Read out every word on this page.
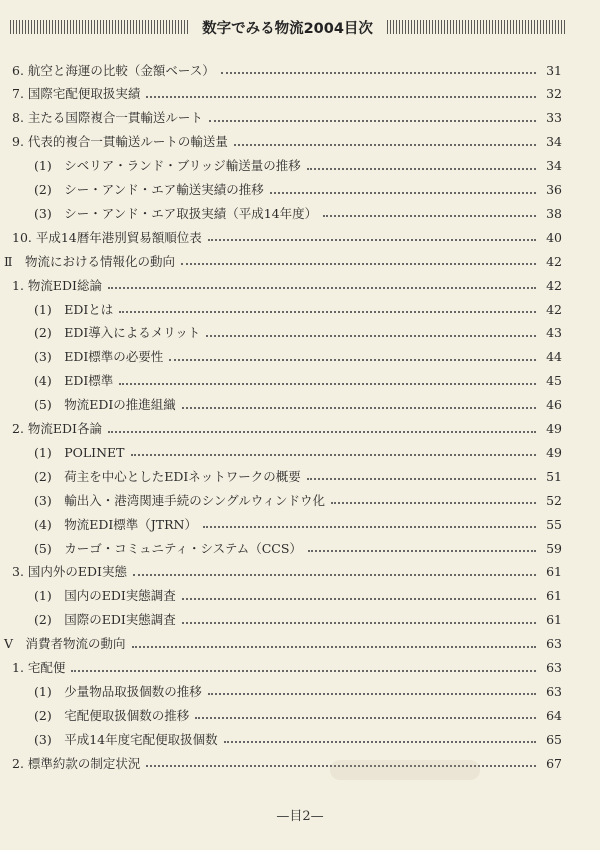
数字でみる物流2004目次
6. 航空と海運の比較（金額ベース）	31
7. 国際宅配便取扱実績	32
8. 主たる国際複合一貫輸送ルート	33
9. 代表的複合一貫輸送ルートの輸送量	34
(1)　シベリア・ランド・ブリッジ輸送量の推移	34
(2)　シー・アンド・エア輸送実績の推移	36
(3)　シー・アンド・エア取扱実績（平成14年度）	38
10. 平成14暦年港別貿易額順位表	40
Ⅱ　物流における情報化の動向	42
1. 物流EDI総論	42
(1)　EDIとは	42
(2)　EDI導入によるメリット	43
(3)　EDI標準の必要性	44
(4)　EDI標準	45
(5)　物流EDIの推進組織	46
2. 物流EDI各論	49
(1)　POLINET	49
(2)　荷主を中心としたEDIネットワークの概要	51
(3)　輸出入・港湾関連手続のシングルウィンドウ化	52
(4)　物流EDI標準（JTRN）	55
(5)　カーゴ・コミュニティ・システム（CCS）	59
3. 国内外のEDI実態	61
(1)　国内のEDI実態調査	61
(2)　国際のEDI実態調査	61
Ⅴ　消費者物流の動向	63
1. 宅配便	63
(1)　少量物品取扱個数の推移	63
(2)　宅配便取扱個数の推移	64
(3)　平成14年度宅配便取扱個数	65
2. 標準約款の制定状況	67
—目2—
